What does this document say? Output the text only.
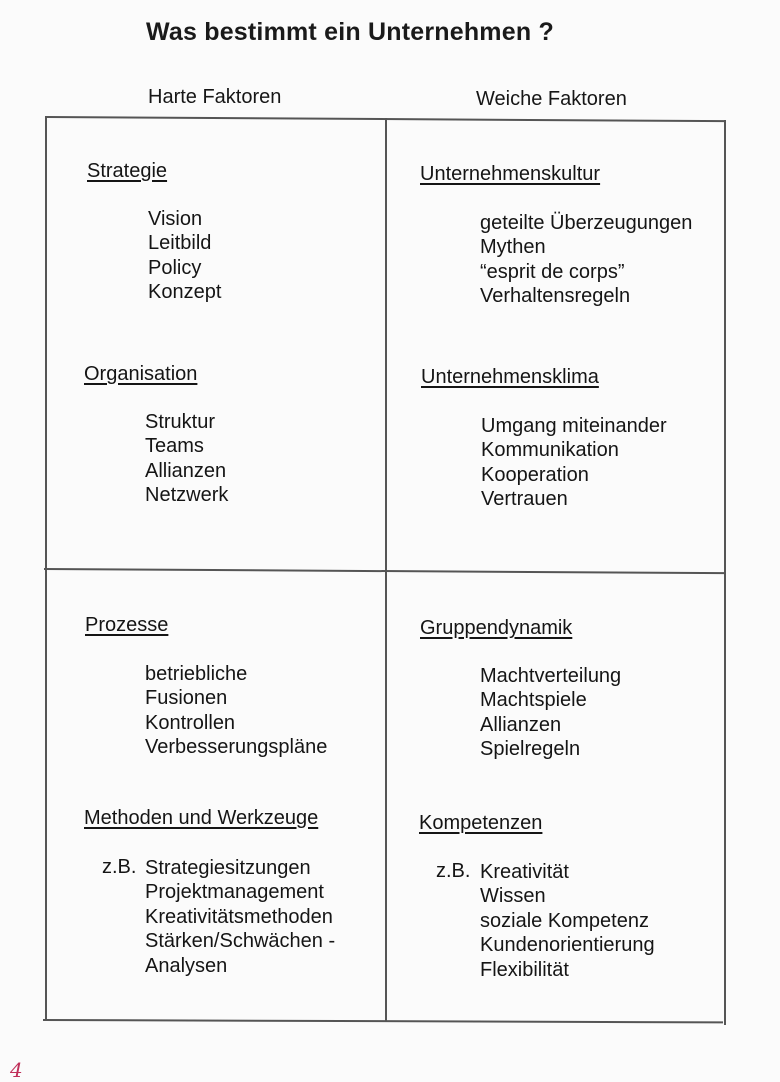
Was bestimmt ein Unternehmen ?
Harte Faktoren	Weiche Faktoren
Strategie
Vision
Leitbild
Policy
Konzept
Organisation
Struktur
Teams
Allianzen
Netzwerk
Unternehmenskultur
geteilte Überzeugungen
Mythen
“esprit de corps”
Verhaltensregeln
Unternehmensklima
Umgang miteinander
Kommunikation
Kooperation
Vertrauen
Prozesse
betriebliche
Fusionen
Kontrollen
Verbesserungspläne
Methoden und Werkzeuge
z.B. Strategiesitzungen
Projektmanagement
Kreativitätsmethoden
Stärken/Schwächen -
Analysen
Gruppendynamik
Machtverteilung
Machtspiele
Allianzen
Spielregeln
Kompetenzen
z.B. Kreativität
Wissen
soziale Kompetenz
Kundenorientierung
Flexibilität
4
